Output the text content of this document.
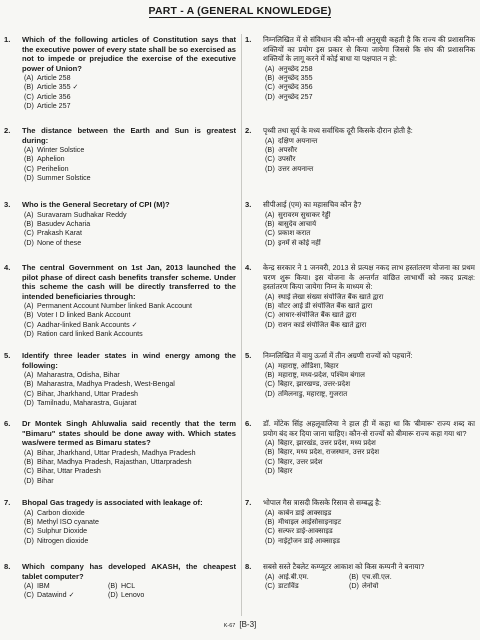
PART - A (GENERAL KNOWLEDGE)
1.	Which of the following articles of Constitution says that the executive power of every state shall be so exercised as not to impede or prejudice the exercise of the executive power of Union?
(A) Article 258
(B) Article 355 ✓
(C) Article 356
(D) Article 257
2.	The distance between the Earth and Sun is greatest during:
(A) Winter Solstice
(B) Aphelion
(C) Perihelion
(D) Summer Solstice
3.	Who is the General Secretary of CPI (M)?
(A) Suravaram Sudhakar Reddy
(B) Basudev Acharia
(C) Prakash Karat
(D) None of these
4.	The central Government on 1st Jan, 2013 launched the pilot phase of direct cash benefits transfer scheme. Under this scheme the cash will be directly transferred to the intended beneficiaries through:
(A) Permanent Account Number linked Bank Account
(B) Voter I D linked Bank Account
(C) Aadhar-linked Bank Accounts ✓
(D) Ration card linked Bank Accounts
5.	Identify three leader states in wind energy among the following:
(A) Maharastra, Odisha, Bihar
(B) Maharastra, Madhya Pradesh, West-Bengal
(C) Bihar, Jharkhand, Uttar Pradesh
(D) Tamilnadu, Maharastra, Gujarat
6.	Dr Montek Singh Ahluwalia said recently that the term "Bimaru" states should be done away with. Which states was/were termed as Bimaru states?
(A) Bihar, Jharkhand, Uttar Pradesh, Madhya Pradesh
(B) Bihar, Madhya Pradesh, Rajasthan, Uttarpradesh
(C) Bihar, Uttar Pradesh
(D) Bihar
7.	Bhopal Gas tragedy is associated with leakage of:
(A) Carbon dioxide
(B) Methyl ISO cyanate
(C) Sulphur Dioxide
(D) Nitrogen dioxide
8.	Which company has developed AKASH, the cheapest tablet computer?
(A) IBM	(B) HCL
(C) Datawind ✓	(D) Lenovo
1.	निम्नलिखित में से संविधान की कौन-सी अनुसूची कहती है कि राज्य की प्रशासनिक शक्तियों का प्रयोग इस प्रकार से किया जायेगा जिससे कि संघ की प्रशासनिक शक्तियों के लागू करने में कोई बाधा या पक्षपात न हो:
(A) अनुच्छेद 258
(B) अनुच्छेद 355
(C) अनुच्छेद 356
(D) अनुच्छेद 257
2.	पृथ्वी तथा सूर्य के मध्य सर्वाधिक दूरी किसके दौरान होती है:
(A) दक्षिण अयनान्त
(B) अपसौर
(C) उपसौर
(D) उत्तर अयनान्त
3.	सीपीआई (एम) का महासचिव कौन है?
(A) सुरावरम सुधाकर रेड्डी
(B) बासुदेव आचार्य
(C) प्रकाश करात
(D) इनमें से कोई नहीं
4.	केन्द्र सरकार ने 1 जनवरी, 2013 से प्रत्यक्ष नकद लाभ हस्तांतरण योजना का प्रथम चरण शुरू किया। इस योजना के अन्तर्गत वांछित लाभार्थी को नकद प्रत्यक्ष: हस्तांतरण किया जायेगा निम्न के माध्यम से:
(A) स्थाई लेखा संख्या संयोजित बैंक खाते द्वारा
(B) वोटर आई डी संयोजित बैंक खाते द्वारा
(C) आधार-संयोजित बैंक खाते द्वारा
(D) राशन कार्ड संयोजित बैंक खाते द्वारा
5.	निम्नलिखित में वायु ऊर्जा में तीन अग्रणी राज्यों को पहचानें:
(A) महाराष्ट्र, ओडिशा, बिहार
(B) महाराष्ट्र, मध्य-प्रदेश, पश्चिम बंगाल
(C) बिहार, झारखण्ड, उत्तर-प्रदेश
(D) तमिलनाडु, महाराष्ट्र, गुजरात
6.	डॉ. मोंटेक सिंह अहलूवालिया ने हाल ही में कहा था कि 'बीमारू' राज्य शब्द का प्रयोग बंद कर दिया जाना चाहिए। कौन-से राज्यों को बीमारू राज्य कहा गया था?
(A) बिहार, झारखंड, उत्तर प्रदेश, मध्य प्रदेश
(B) बिहार, मध्य प्रदेश, राजस्थान, उत्तर प्रदेश
(C) बिहार, उत्तर प्रदेश
(D) बिहार
7.	भोपाल गैस त्रासदी किसके रिसाव से सम्बद्ध है:
(A) कार्बन डाई आक्साइड
(B) मीथाइल आईसोसाइनाइट
(C) सल्फर डाई-आक्साइड
(D) नाईट्रोजन डाई आक्साइड
8.	सबसे सस्ते टैबलेट कम्प्यूटर आकाश को किस कम्पनी ने बनाया?
(A) आई.बी.एम.	(B) एच.सी.एल.
(C) डाटाविंड	(D) लेनोवो
K-67 [B-3]
